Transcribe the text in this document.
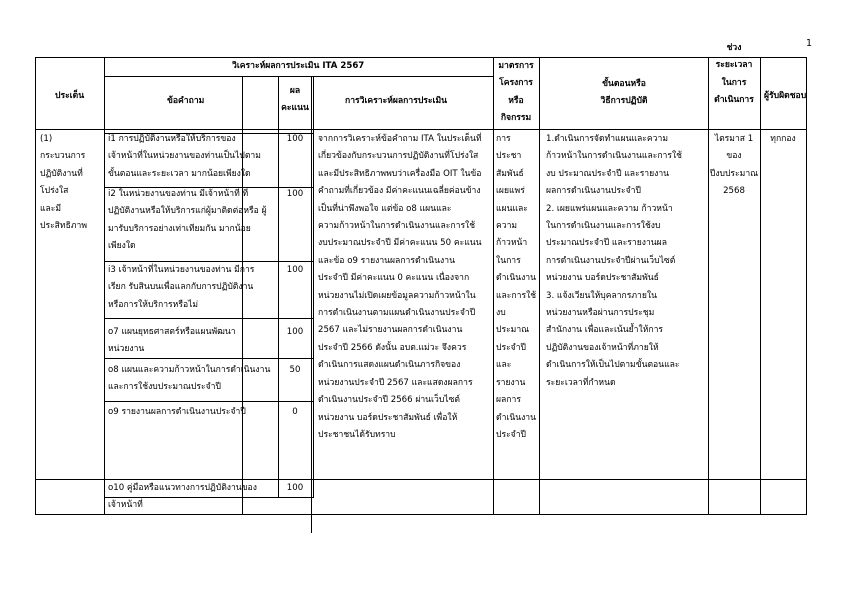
1
ประเด็น
วิเคราะห์ผลการประเมิน ITA 2567
ข้อคำถาม
ผล
คะแนน
การวิเคราะห์ผลการประเมิน
มาตรการ
โครงการ
หรือ
กิจกรรม
ขั้นตอนหรือ
วิธีการปฏิบัติ
ช่วง
ระยะเวลา
ในการ
ดำเนินการ	ผู้รับผิดชอบ
(1)
กระบวนการ
ปฏิบัติงานที่
โปร่งใส
และมี
ประสิทธิภาพ
i1 การปฏิบัติงานหรือให้บริการของ
เจ้าหน้าที่ในหน่วยงานของท่านเป็นไปตาม
ขั้นตอนและระยะเวลา มากน้อยเพียงใด
100
i2 ในหน่วยงานของท่าน มีเจ้าหน้าที่ ที่
ปฏิบัติงานหรือให้บริการแก่ผู้มาติดต่อหรือ ผู้
มารับบริการอย่างเท่าเทียมกัน มากน้อย
เพียงใด
100
i3 เจ้าหน้าที่ในหน่วยงานของท่าน มีการ
เรียก รับสินบนเพื่อแลกกับการปฏิบัติงาน
หรือการให้บริการหรือไม่
100
o7 แผนยุทธศาสตร์หรือแผนพัฒนา
หน่วยงาน
100
o8 แผนและความก้าวหน้าในการดำเนินงาน
และการใช้งบประมาณประจำปี
50
o9 รายงานผลการดำเนินงานประจำปี	0
จากการวิเคราะห์ข้อคำถาม ITA ในประเด็นที่
เกี่ยวข้องกับกระบวนการปฏิบัติงานที่โปร่งใส
และมีประสิทธิภาพพบว่าเครื่องมือ OIT ในข้อ
คำถามที่เกี่ยวข้อง มีค่าคะแนนเฉลี่ยค่อนข้าง
เป็นที่น่าพึงพอใจ แต่ข้อ o8 แผนและ
ความก้าวหน้าในการดำเนินงานและการใช้
งบประมาณประจำปี มีค่าคะแนน 50 คะแนน
และข้อ o9 รายงานผลการดำเนินงาน
ประจำปี มีค่าคะแนน 0 คะแนน เนื่องจาก
หน่วยงานไม่เปิดเผยข้อมูลความก้าวหน้าใน
การดำเนินงานตามแผนดำเนินงานประจำปี
2567 และไม่รายงานผลการดำเนินงาน
ประจำปี 2566 ดังนั้น อบต.แม่วะ จึงควร
ดำเนินการแสดงแผนดำเนินภารกิจของ
หน่วยงานประจำปี 2567 และแสดงผลการ
ดำเนินงานประจำปี 2566 ผ่านเว็บไซต์
หน่วยงาน บอร์ดประชาสัมพันธ์ เพื่อให้
ประชาชนได้รับทราบ
การ
ประชา
สัมพันธ์
เผยแพร่
แผนและ
ความ
ก้าวหน้า
ในการ
ดำเนินงาน
และการใช้
งบ
ประมาณ
ประจำปี
และ
รายงาน
ผลการ
ดำเนินงาน
ประจำปี
1.ดำเนินการจัดทำแผนและความ
ก้าวหน้าในการดำเนินงานและการใช้
งบ ประมาณประจำปี และรายงาน
ผลการดำเนินงานประจำปี
2. เผยแพร่แผนและความ ก้าวหน้า
ในการดำเนินงานและการใช้งบ
ประมาณประจำปี และรายงานผล
การดำเนินงานประจำปีผ่านเว็บไซต์
หน่วยงาน บอร์ดประชาสัมพันธ์
3. แจ้งเวียนให้บุคลากรภายใน
หน่วยงานหรือผ่านการประชุม
สำนักงาน เพื่อและเน้นย้ำให้การ
ปฏิบัติงานของเจ้าหน้าที่ภายให้
ดำเนินการให้เป็นไปตามขั้นตอนและ
ระยะเวลาที่กำหนด
ไตรมาส 1
ของ
ปีงบประมาณ
2568
ทุกกอง
o10 คู่มือหรือแนวทางการปฏิบัติงานของ
เจ้าหน้าที่
100
